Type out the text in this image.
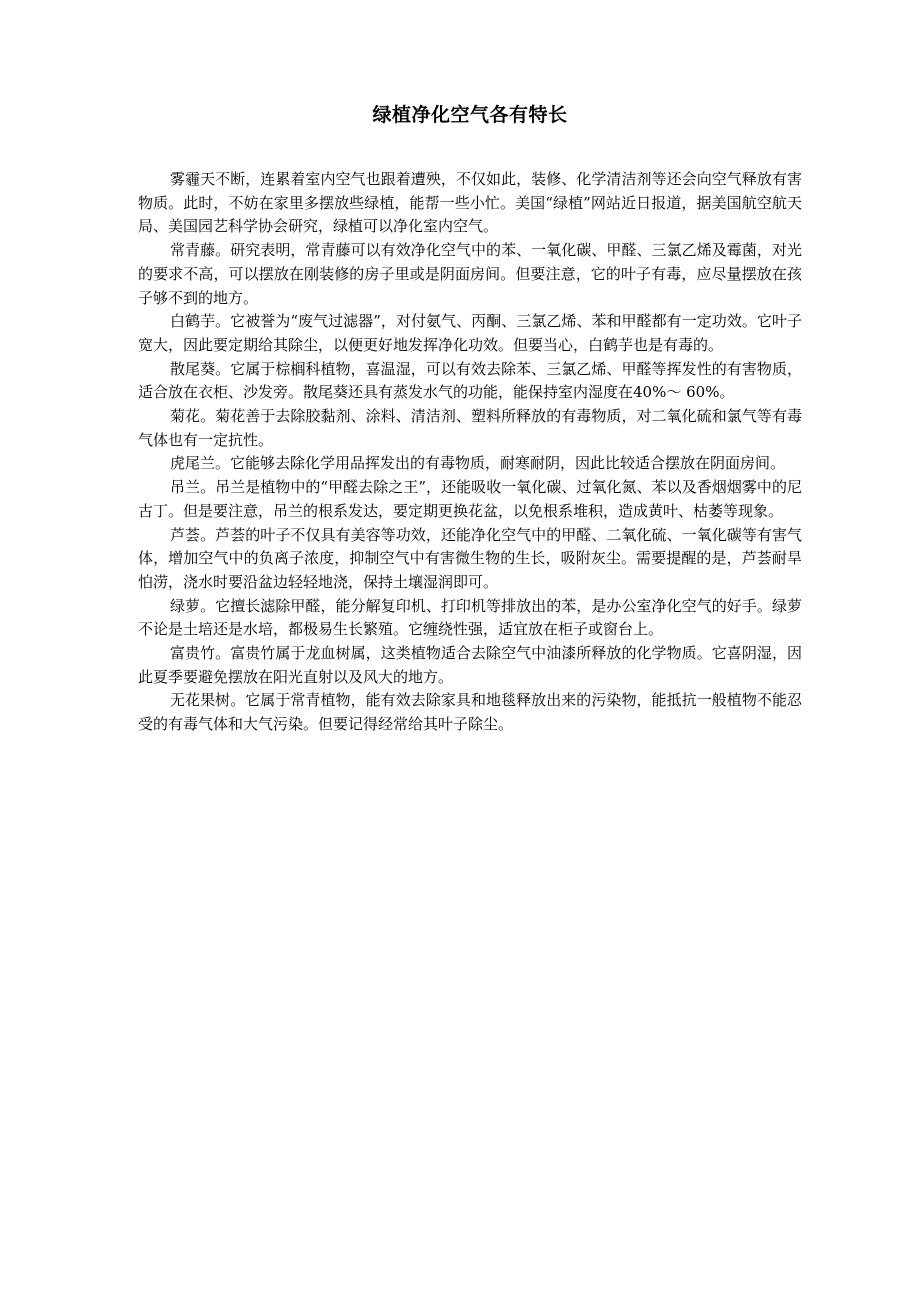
绿植净化空气各有特长

雾霾天不断，连累着室内空气也跟着遭殃，不仅如此，装修、化学清洁剂等还会向空气释放有害物质。此时，不妨在家里多摆放些绿植，能帮一些小忙。美国“绿植”网站近日报道，据美国航空航天局、美国园艺科学协会研究，绿植可以净化室内空气。

常青藤。研究表明，常青藤可以有效净化空气中的苯、一氧化碳、甲醛、三氯乙烯及霉菌，对光的要求不高，可以摆放在刚装修的房子里或是阴面房间。但要注意，它的叶子有毒，应尽量摆放在孩子够不到的地方。

白鹤芋。它被誉为“废气过滤器”，对付氨气、丙酮、三氯乙烯、苯和甲醛都有一定功效。它叶子宽大，因此要定期给其除尘，以便更好地发挥净化功效。但要当心，白鹤芋也是有毒的。

散尾葵。它属于棕榈科植物，喜温湿，可以有效去除苯、三氯乙烯、甲醛等挥发性的有害物质，适合放在衣柜、沙发旁。散尾葵还具有蒸发水气的功能，能保持室内湿度在40%〜 60%。

菊花。菊花善于去除胶黏剂、涂料、清洁剂、塑料所释放的有毒物质，对二氧化硫和氯气等有毒气体也有一定抗性。

虎尾兰。它能够去除化学用品挥发出的有毒物质，耐寒耐阴，因此比较适合摆放在阴面房间。

吊兰。吊兰是植物中的“甲醛去除之王”，还能吸收一氧化碳、过氧化氮、苯以及香烟烟雾中的尼古丁。但是要注意，吊兰的根系发达，要定期更换花盆，以免根系堆积，造成黄叶、枯萎等现象。

芦荟。芦荟的叶子不仅具有美容等功效，还能净化空气中的甲醛、二氧化硫、一氧化碳等有害气体，增加空气中的负离子浓度，抑制空气中有害微生物的生长，吸附灰尘。需要提醒的是，芦荟耐旱怕涝，浇水时要沿盆边轻轻地浇，保持土壤湿润即可。

绿萝。它擅长滤除甲醛，能分解复印机、打印机等排放出的苯，是办公室净化空气的好手。绿萝不论是土培还是水培，都极易生长繁殖。它缠绕性强，适宜放在柜子或窗台上。

富贵竹。富贵竹属于龙血树属，这类植物适合去除空气中油漆所释放的化学物质。它喜阴湿，因此夏季要避免摆放在阳光直射以及风大的地方。

无花果树。它属于常青植物，能有效去除家具和地毯释放出来的污染物，能抵抗一般植物不能忍受的有毒气体和大气污染。但要记得经常给其叶子除尘。
